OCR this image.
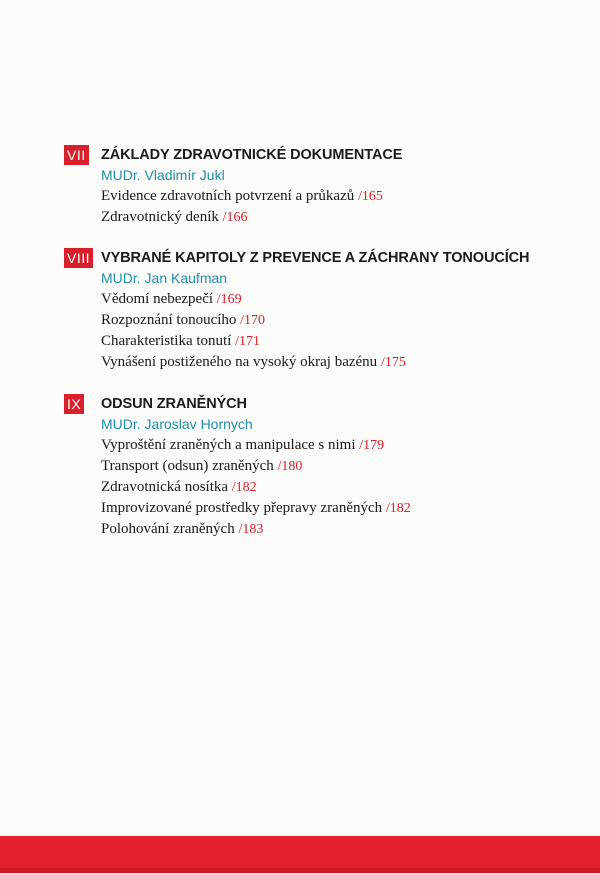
VII ZÁKLADY ZDRAVOTNICKÉ DOKUMENTACE
MUDr. Vladimír Jukl
Evidence zdravotních potvrzení a průkazů /165
Zdravotnický deník /166
VIII VYBRANÉ KAPITOLY Z PREVENCE A ZÁCHRANY TONOUCÍCH
MUDr. Jan Kaufman
Vědomí nebezpečí /169
Rozpoznání tonoucího /170
Charakteristika tonutí /171
Vynášení postiženého na vysoký okraj bazénu /175
IX ODSUN ZRANĚNÝCH
MUDr. Jaroslav Hornych
Vyproštění zraněných a manipulace s nimi /179
Transport (odsun) zraněných /180
Zdravotnická nosítka /182
Improvizované prostředky přepravy zraněných /182
Polohování zraněných /183
